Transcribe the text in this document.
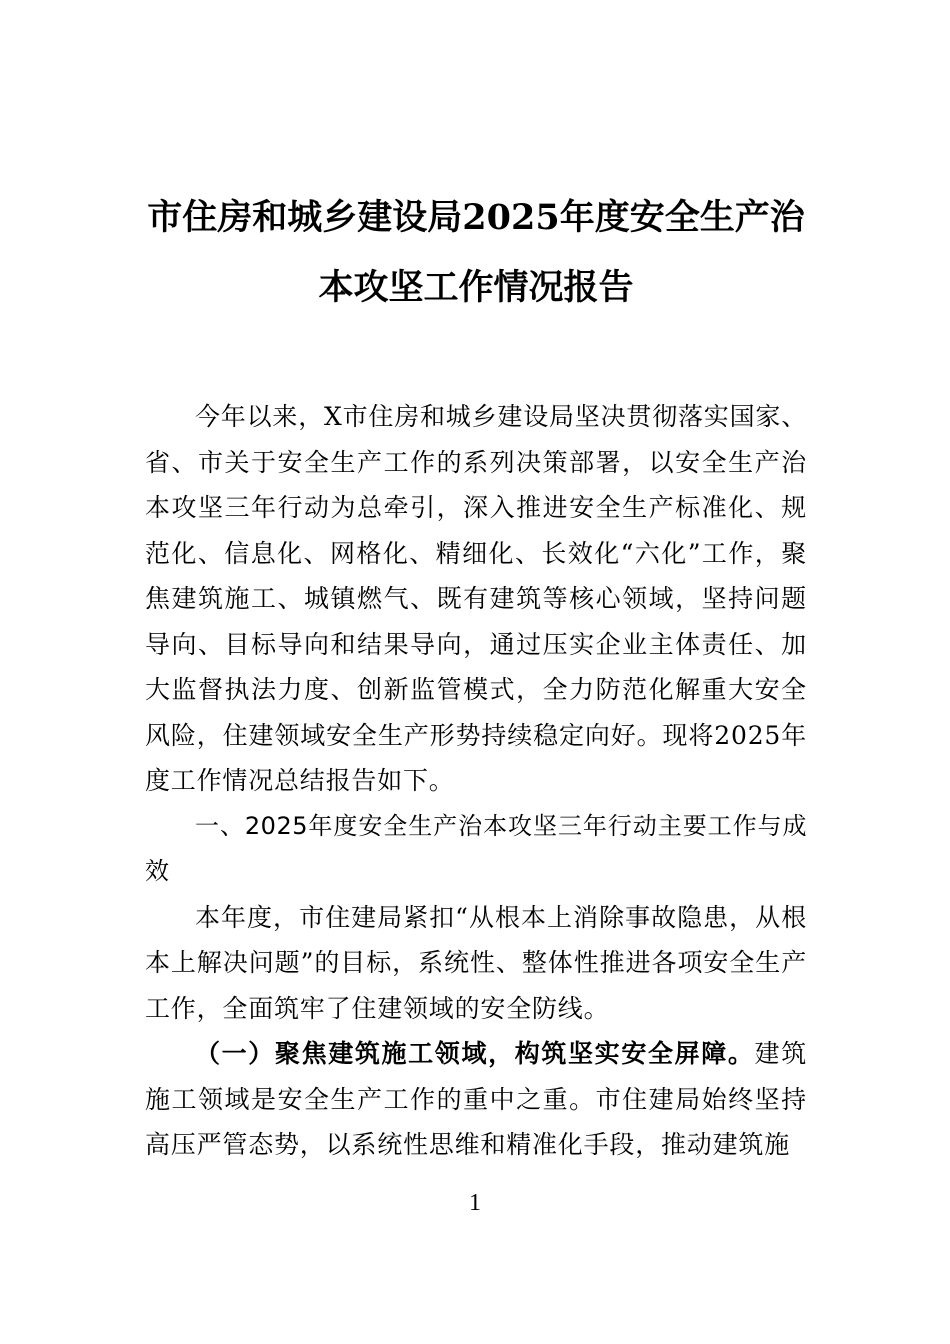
市住房和城乡建设局2025年度安全生产治
本攻坚工作情况报告

今年以来，X市住房和城乡建设局坚决贯彻落实国家、省、市关于安全生产工作的系列决策部署，以安全生产治本攻坚三年行动为总牵引，深入推进安全生产标准化、规范化、信息化、网格化、精细化、长效化“六化”工作，聚焦建筑施工、城镇燃气、既有建筑等核心领域，坚持问题导向、目标导向和结果导向，通过压实企业主体责任、加大监督执法力度、创新监管模式，全力防范化解重大安全风险，住建领域安全生产形势持续稳定向好。现将2025年度工作情况总结报告如下。

一、2025年度安全生产治本攻坚三年行动主要工作与成效

本年度，市住建局紧扣“从根本上消除事故隐患，从根本上解决问题”的目标，系统性、整体性推进各项安全生产工作，全面筑牢了住建领域的安全防线。

（一）聚焦建筑施工领域，构筑坚实安全屏障。建筑施工领域是安全生产工作的重中之重。市住建局始终坚持高压严管态势，以系统性思维和精准化手段，推动建筑施

1
